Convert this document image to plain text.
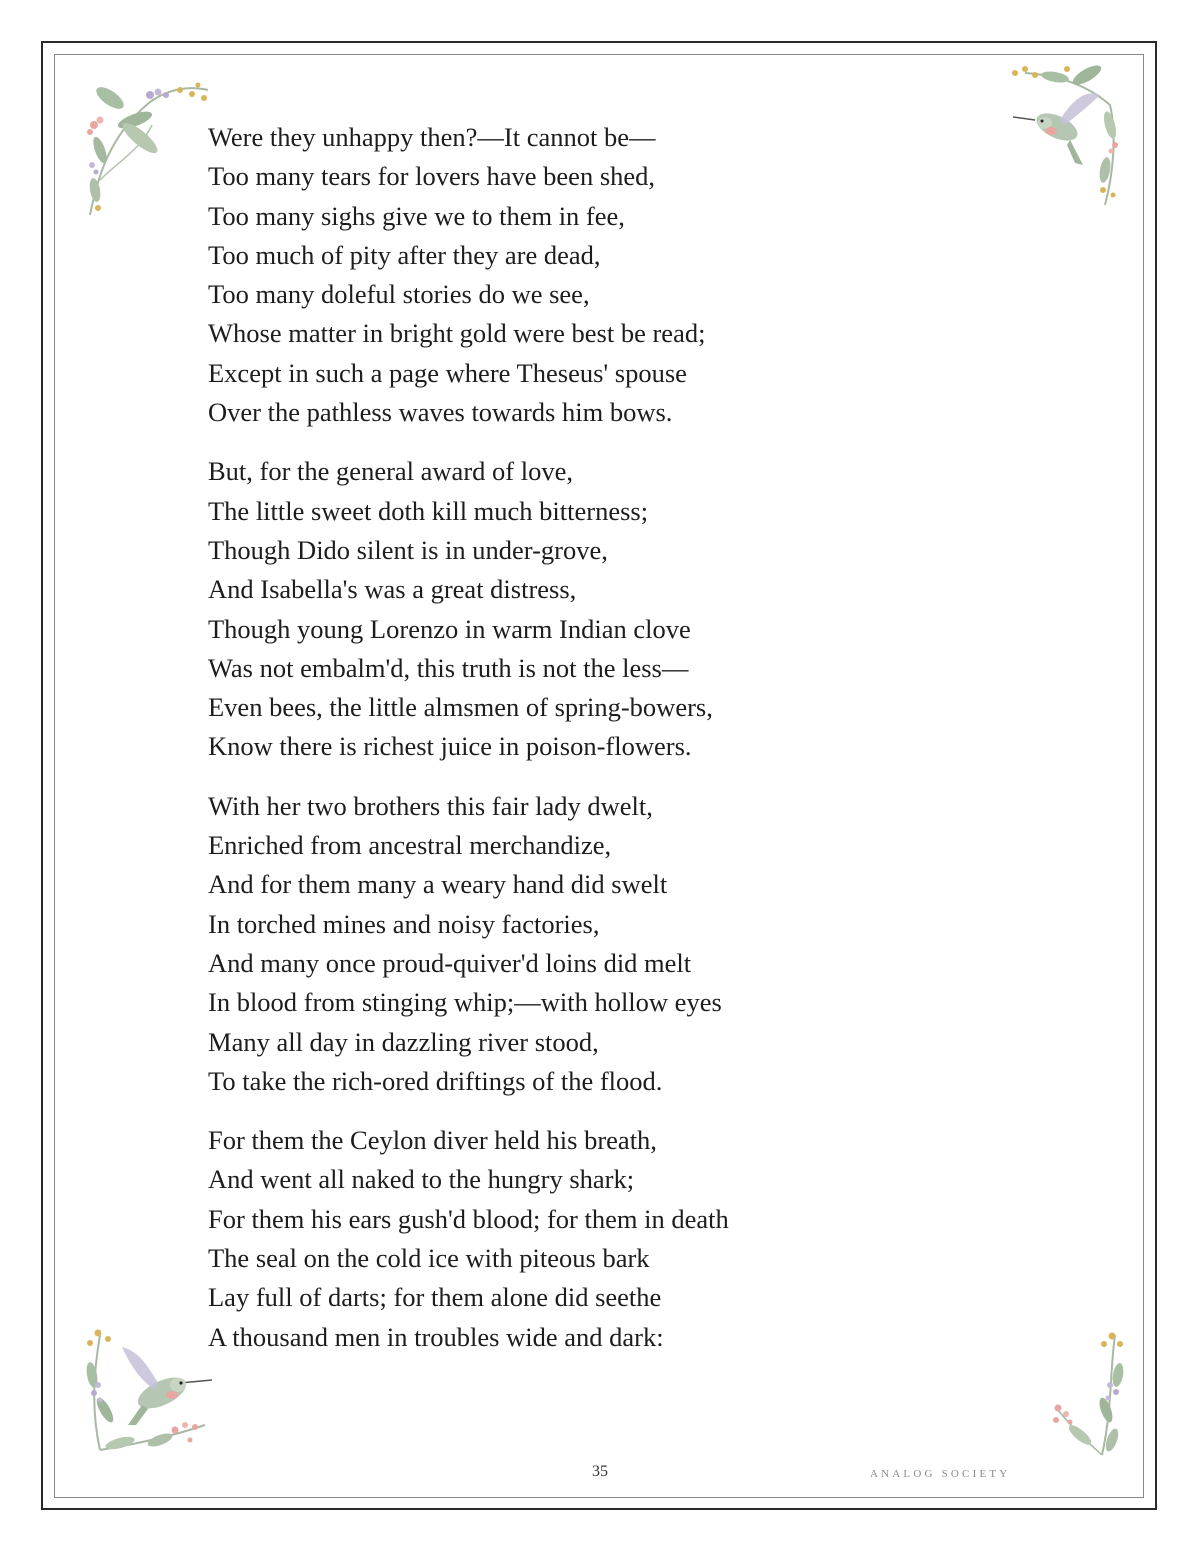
Were they unhappy then?—It cannot be—
Too many tears for lovers have been shed,
Too many sighs give we to them in fee,
Too much of pity after they are dead,
Too many doleful stories do we see,
Whose matter in bright gold were best be read;
Except in such a page where Theseus' spouse
Over the pathless waves towards him bows.
But, for the general award of love,
The little sweet doth kill much bitterness;
Though Dido silent is in under-grove,
And Isabella's was a great distress,
Though young Lorenzo in warm Indian clove
Was not embalm'd, this truth is not the less—
Even bees, the little almsmen of spring-bowers,
Know there is richest juice in poison-flowers.
With her two brothers this fair lady dwelt,
Enriched from ancestral merchandize,
And for them many a weary hand did swelt
In torched mines and noisy factories,
And many once proud-quiver'd loins did melt
In blood from stinging whip;—with hollow eyes
Many all day in dazzling river stood,
To take the rich-ored driftings of the flood.
For them the Ceylon diver held his breath,
And went all naked to the hungry shark;
For them his ears gush'd blood; for them in death
The seal on the cold ice with piteous bark
Lay full of darts; for them alone did seethe
A thousand men in troubles wide and dark:
35	ANALOG SOCIETY
